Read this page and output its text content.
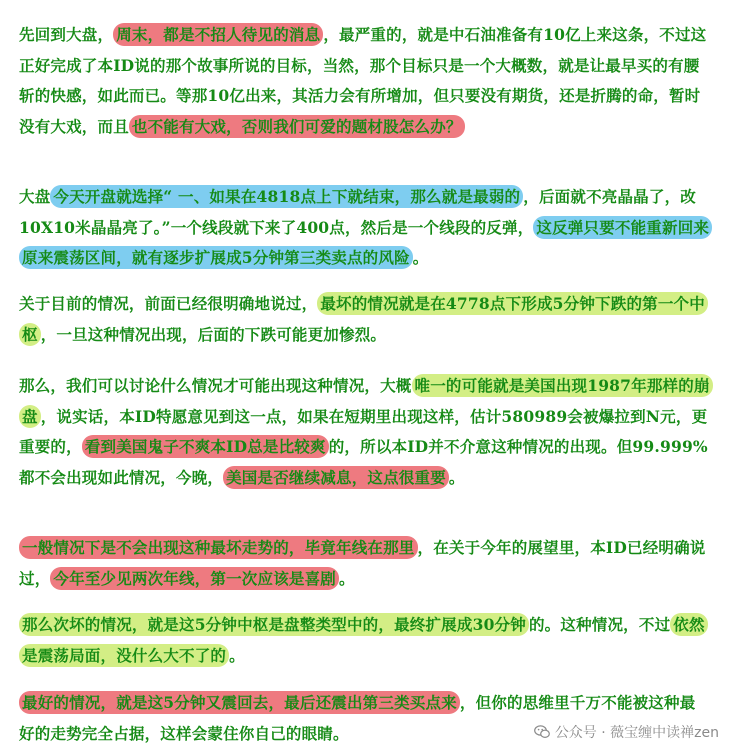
先回到大盘， 周末，都是不招人待见的消息 ，最严重的，就是中石油准备有10亿上来这条，不过这正好完成了本ID说的那个故事所说的目标，当然，那个目标只是一个大概数，就是让最早买的有腰斩的快感，如此而已。等那10亿出来，其活力会有所增加，但只要没有期货，还是折腾的命，暂时没有大戏，而且 也不能有大戏，否则我们可爱的题材股怎么办？

大盘 今天开盘就选择“ 一、如果在4818点上下就结束，那么就是最弱的 ，后面就不亮晶晶了，改10X10米晶晶亮了。”一个线段就下来了400点，然后是一个线段的反弹， 这反弹只要不能重新回来原来震荡区间，就有逐步扩展成5分钟第三类卖点的风险 。

关于目前的情况，前面已经很明确地说过， 最坏的情况就是在4778点下形成5分钟下跌的第一个中枢 ，一旦这种情况出现，后面的下跌可能更加惨烈。

那么，我们可以讨论什么情况才可能出现这种情况，大概 唯一的可能就是美国出现1987年那样的崩盘 ，说实话，本ID特愿意见到这一点，如果在短期里出现这样，估计580989会被爆拉到N元，更重要的， 看到美国鬼子不爽本ID总是比较爽 的，所以本ID并不介意这种情况的出现。但99.999%都不会出现如此情况，今晚， 美国是否继续减息，这点很重要 。

一般情况下是不会出现这种最坏走势的，毕竟年线在那里 ，在关于今年的展望里，本ID已经明确说过， 今年至少见两次年线，第一次应该是喜剧 。

那么次坏的情况，就是这5分钟中枢是盘整类型中的，最终扩展成30分钟 的。这种情况，不过 依然是震荡局面，没什么大不了的 。

最好的情况，就是这5分钟又震回去，最后还震出第三类买点来 ，但你的思维里千万不能被这种最好的走势完全占据，这样会蒙住你自己的眼睛。	公众号 · 薇宝缠中读禅zen
